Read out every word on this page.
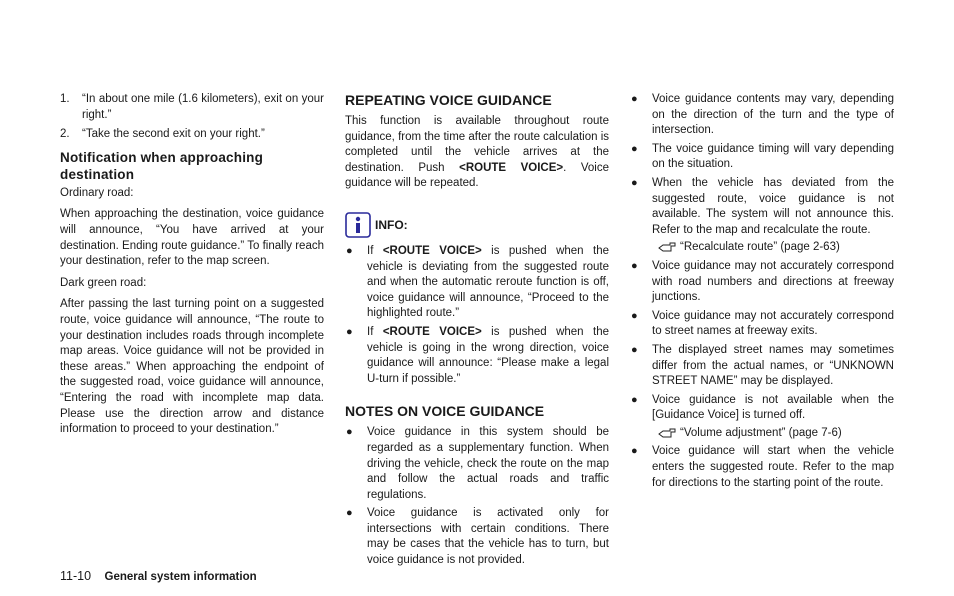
1. “In about one mile (1.6 kilometers), exit on your right.”
2. “Take the second exit on your right.”
Notification when approaching destination

Ordinary road:

When approaching the destination, voice guidance will announce, “You have arrived at your destination. Ending route guidance.” To finally reach your destination, refer to the map screen.

Dark green road:

After passing the last turning point on a suggested route, voice guidance will announce, “The route to your destination includes roads through incomplete map areas. Voice guidance will not be provided in these areas.” When approaching the endpoint of the suggested road, voice guidance will announce, “Entering the road with incomplete map data. Please use the direction arrow and distance information to proceed to your destination.”

REPEATING VOICE GUIDANCE

This function is available throughout route guidance, from the time after the route calculation is completed until the vehicle arrives at the destination. Push <ROUTE VOICE>. Voice guidance will be repeated.

INFO:
● If <ROUTE VOICE> is pushed when the vehicle is deviating from the suggested route and when the automatic reroute function is off, voice guidance will announce, “Proceed to the highlighted route.”
● If <ROUTE VOICE> is pushed when the vehicle is going in the wrong direction, voice guidance will announce: “Please make a legal U-turn if possible.”
NOTES ON VOICE GUIDANCE
● Voice guidance in this system should be regarded as a supplementary function. When driving the vehicle, check the route on the map and follow the actual roads and traffic regulations.
● Voice guidance is activated only for intersections with certain conditions. There may be cases that the vehicle has to turn, but voice guidance is not provided.
● Voice guidance contents may vary, depending on the direction of the turn and the type of intersection.
● The voice guidance timing will vary depending on the situation.
● When the vehicle has deviated from the suggested route, voice guidance is not available. The system will not announce this. Refer to the map and recalculate the route.
“Recalculate route” (page 2-63)
● Voice guidance may not accurately correspond with road numbers and directions at freeway junctions.
● Voice guidance may not accurately correspond to street names at freeway exits.
● The displayed street names may sometimes differ from the actual names, or “UNKNOWN STREET NAME” may be displayed.
● Voice guidance is not available when the [Guidance Voice] is turned off.
“Volume adjustment” (page 7-6)
● Voice guidance will start when the vehicle enters the suggested route. Refer to the map for directions to the starting point of the route.
11-10 General system information
